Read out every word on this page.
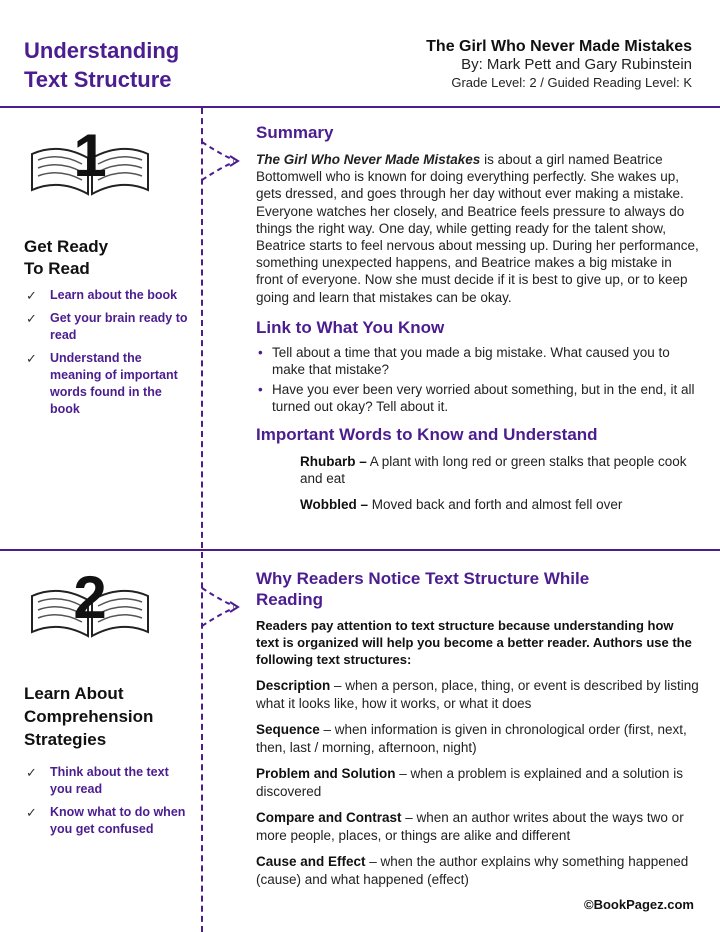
Understanding
Text Structure
The Girl Who Never Made Mistakes
By: Mark Pett and Gary Rubinstein
Grade Level: 2 / Guided Reading Level: K
1
Get Ready
To Read
✓ Learn about the book
✓ Get your brain ready to read
✓ Understand the meaning of important words found in the book
Summary

The Girl Who Never Made Mistakes is about a girl named Beatrice Bottomwell who is known for doing everything perfectly. She wakes up, gets dressed, and goes through her day without ever making a mistake. Everyone watches her closely, and Beatrice feels pressure to always do things the right way. One day, while getting ready for the talent show, Beatrice starts to feel nervous about messing up. During her performance, something unexpected happens, and Beatrice makes a big mistake in front of everyone. Now she must decide if it is best to give up, or to keep going and learn that mistakes can be okay.

Link to What You Know
• Tell about a time that you made a big mistake. What caused you to make that mistake?
• Have you ever been very worried about something, but in the end, it all turned out okay? Tell about it.
Important Words to Know and Understand

Rhubarb – A plant with long red or green stalks that people cook and eat

Wobbled – Moved back and forth and almost fell over

2
Learn About
Comprehension
Strategies
✓ Think about the text you read
✓ Know what to do when you get confused
Why Readers Notice Text Structure While
Reading

Readers pay attention to text structure because understanding how text is organized will help you become a better reader. Authors use the following text structures:

Description – when a person, place, thing, or event is described by listing what it looks like, how it works, or what it does

Sequence – when information is given in chronological order (first, next, then, last / morning, afternoon, night)

Problem and Solution – when a problem is explained and a solution is discovered

Compare and Contrast – when an author writes about the ways two or more people, places, or things are alike and different

Cause and Effect – when the author explains why something happened (cause) and what happened (effect)

©BookPagez.com
